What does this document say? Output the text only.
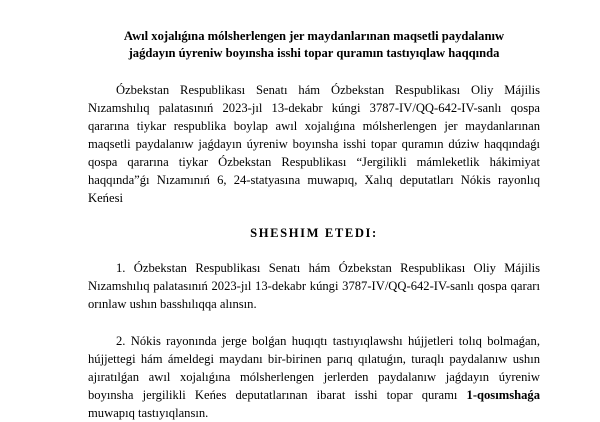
Awıl xojalıǵına mólsherlengen jer maydanlarınan maqsetli paydalanıw
jaǵdayın úyreniw boyınsha isshi topar quramın tastıyıqlaw haqqında

Ózbekstan Respublikası Senatı hám Ózbekstan Respublikası Oliy Májilis Nızamshılıq palatasınıń 2023-jıl 13-dekabr kúngi 3787-IV/QQ-642-IV-sanlı qospa qararına tiykar respublika boylap awıl xojalıǵına mólsherlengen jer maydanlarınan maqsetli paydalanıw jaǵdayın úyreniw boyınsha isshi topar quramın dúziw haqqındaǵı qospa qararına tiykar Ózbekstan Respublikası “Jergilikli mámleketlik hákimiyat haqqında”ǵı Nızamınıń 6, 24-statyasına muwapıq, Xalıq deputatları Nókis rayonlıq Keńesi

SHESHIM ETEDI:

1. Ózbekstan Respublikası Senatı hám Ózbekstan Respublikası Oliy Májilis Nızamshılıq palatasınıń 2023-jıl 13-dekabr kúngi 3787-IV/QQ-642-IV-sanlı qospa qararı orınlaw ushın basshılıqqa alınsın.

2. Nókis rayonında jerge bolǵan huqıqtı tastıyıqlawshı hújjetleri tolıq bolmaǵan, hújjettegi hám ámeldegi maydanı bir-birinen parıq qılatuǵın, turaqlı paydalanıw ushın ajıratılǵan awıl xojalıǵına mólsherlengen jerlerden paydalanıw jaǵdayın úyreniw boyınsha jergilikli Keńes deputatlarınan ibarat isshi topar quramı 1-qosımshaǵa muwapıq tastıyıqlansın.
